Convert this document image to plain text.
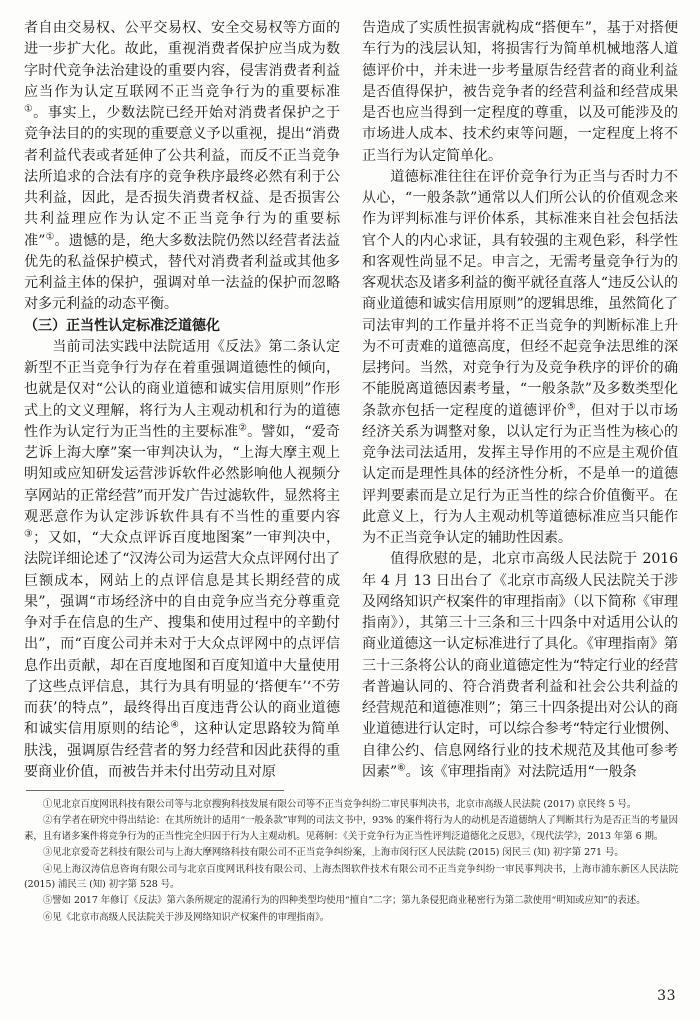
者自由交易权、公平交易权、安全交易权等方面的进一步扩大化。故此，重视消费者保护应当成为数字时代竞争法治建设的重要内容，侵害消费者利益应当作为认定互联网不正当竞争行为的重要标准①。事实上，少数法院已经开始对消费者保护之于竞争法目的的实现的重要意义予以重视，提出“消费者利益代表或者延伸了公共利益，而反不正当竞争法所追求的合法有序的竞争秩序最终必然有利于公共利益，因此，是否损失消费者权益、是否损害公共利益理应作为认定不正当竞争行为的重要标准”①。遗憾的是，绝大多数法院仍然以经营者法益优先的私益保护模式，替代对消费者利益或其他多元利益主体的保护，强调对单一法益的保护而忽略对多元利益的动态平衡。

（三）正当性认定标准泛道德化

当前司法实践中法院适用《反法》第二条认定新型不正当竞争行为存在着重强调道德性的倾向，也就是仅对“公认的商业道德和诚实信用原则”作形式上的文义理解，将行为人主观动机和行为的道德性作为认定行为正当性的主要标准②。譬如，“爱奇艺诉上海大摩”案一审判决认为，“上海大摩主观上明知或应知研发运营涉诉软件必然影响他人视频分享网站的正常经营”而开发广告过滤软件，显然将主观恶意作为认定涉诉软件具有不当性的重要内容③；又如，“大众点评诉百度地图案”一审判决中，法院详细论述了“汉涛公司为运营大众点评网付出了巨额成本，网站上的点评信息是其长期经营的成果”，强调“市场经济中的自由竞争应当充分尊重竞争对手在信息的生产、搜集和使用过程中的辛勤付出”，而“百度公司并未对于大众点评网中的点评信息作出贡献，却在百度地图和百度知道中大量使用了这些点评信息，其行为具有明显的‘搭便车’‘不劳而获’的特点”，最终得出百度违背公认的商业道德和诚实信用原则的结论④，这种认定思路较为简单肤浅，强调原告经营者的努力经营和因此获得的重要商业价值，而被告并未付出劳动且对原

告造成了实质性损害就构成“搭便车”，基于对搭便车行为的浅层认知，将损害行为简单机械地落人道德评价中，并未进一步考量原告经营者的商业利益是否值得保护，被告竞争者的经营利益和经营成果是否也应当得到一定程度的尊重，以及可能涉及的市场进人成本、技术约束等问题，一定程度上将不正当行为认定简单化。

道德标准往往在评价竞争行为正当与否时力不从心，“一般条款”通常以人们所公认的价值观念来作为评判标准与评价体系，其标准来自社会包括法官个人的内心求证，具有较强的主观色彩，科学性和客观性尚显不足。申言之，无需考量竞争行为的客观状态及诸多利益的衡平就径直落人“违反公认的商业道德和诚实信用原则”的逻辑思维，虽然简化了司法审判的工作量并将不正当竞争的判断标准上升为不可责难的道德高度，但经不起竞争法思维的深层拷问。当然，对竞争行为及竞争秩序的评价的确不能脱离道德因素考量，“一般条款”及多数类型化条款亦包括一定程度的道德评价⑤，但对于以市场经济关系为调整对象，以认定行为正当性为核心的竞争法司法适用，发挥主导作用的不应是主观价值认定而是理性具体的经济性分析，不是单一的道德评判要素而是立足行为正当性的综合价值衡平。在此意义上，行为人主观动机等道德标准应当只能作为不正当竞争认定的辅助性因素。

值得欣慰的是，北京市高级人民法院于 2016 年 4 月 13 日出台了《北京市高级人民法院关于涉及网络知识产权案件的审理指南》（以下简称《审理指南》），其第三十三条和三十四条中对适用公认的商业道德这一认定标准进行了具化。《审理指南》第三十三条将公认的商业道德定性为“特定行业的经营者普遍认同的、符合消费者利益和社会公共利益的经营规范和道德准则”；第三十四条提出对公认的商业道德进行认定时，可以综合参考“特定行业惯例、自律公约、信息网络行业的技术规范及其他可参考因素”⑥。该《审理指南》对法院适用“一般条

①见北京百度网讯科技有限公司等与北京搜狗科技发展有限公司等不正当竞争纠纷二审民事判决书，北京市高级人民法院 (2017) 京民终 5 号。

②有学者在研究中得出结论：在其所统计的适用“一般条款”审判的司法文书中，93% 的案件将行为人的动机是否道德纳人了判断其行为是否正当的考量因素，且有诸多案件将竞争行为的正当性完全归因于行为人主观动机。见蒋舸：《关于竞争行为正当性评判泛道德化之反思》，《现代法学》，2013 年第 6 期。

③见北京爱奇艺科技有限公司与上海大摩网络科技有限公司不正当竞争纠纷案，上海市闵行区人民法院 (2015) 闵民三 (知) 初字第 271 号。

④见上海汉涛信息咨询有限公司与北京百度网讯科技有限公司、上海杰图软件技术有限公司不正当竞争纠纷一审民事判决书，上海市浦东新区人民法院 (2015) 浦民三 (知) 初字第 528 号。

⑤譬如 2017 年修订《反法》第六条所规定的混淆行为的四种类型均使用“擅自”二字；第九条侵犯商业秘密行为第二款使用“明知或应知”的表述。

⑥见《北京市高级人民法院关于涉及网络知识产权案件的审理指南》。

33
